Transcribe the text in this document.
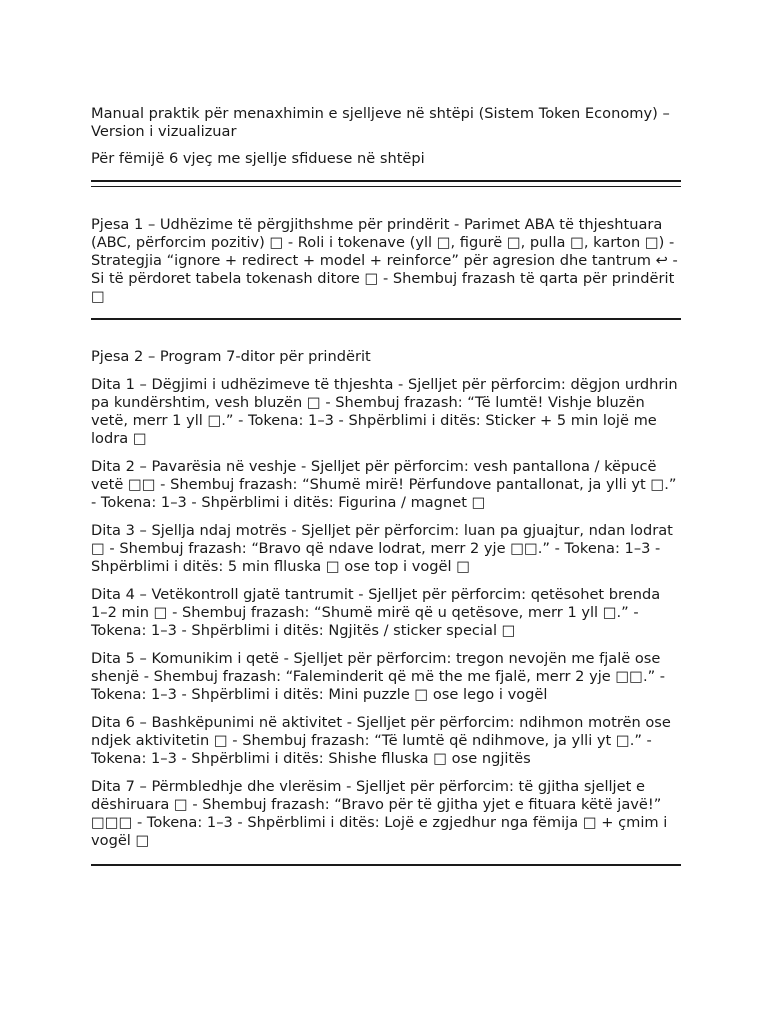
Manual praktik për menaxhimin e sjelljeve në shtëpi (Sistem Token Economy) – Version i vizualizuar

Për fëmijë 6 vjeç me sjellje sfiduese në shtëpi

Pjesa 1 – Udhëzime të përgjithshme për prindërit - Parimet ABA të thjeshtuara (ABC, përforcim pozitiv) □ - Roli i tokenave (yll □, figurë □, pulla □, karton □) - Strategjia “ignore + redirect + model + reinforce” për agresion dhe tantrum ↩ - Si të përdoret tabela tokenash ditore □ - Shembuj frazash të qarta për prindërit □

Pjesa 2 – Program 7-ditor për prindërit

Dita 1 – Dëgjimi i udhëzimeve të thjeshta - Sjelljet për përforcim: dëgjon urdhrin pa kundërshtim, vesh bluzën □ - Shembuj frazash: “Të lumtë! Vishje bluzën vetë, merr 1 yll □.” - Tokena: 1–3 - Shpërblimi i ditës: Sticker + 5 min lojë me lodra □

Dita 2 – Pavarësia në veshje - Sjelljet për përforcim: vesh pantallona / këpucë vetë □□ - Shembuj frazash: “Shumë mirë! Përfundove pantallonat, ja ylli yt □.” - Tokena: 1–3 - Shpërblimi i ditës: Figurina / magnet □

Dita 3 – Sjellja ndaj motrës - Sjelljet për përforcim: luan pa gjuajtur, ndan lodrat □ - Shembuj frazash: “Bravo që ndave lodrat, merr 2 yje □□.” - Tokena: 1–3 - Shpërblimi i ditës: 5 min flluska □ ose top i vogël □

Dita 4 – Vetëkontroll gjatë tantrumit - Sjelljet për përforcim: qetësohet brenda 1–2 min □ - Shembuj frazash: “Shumë mirë që u qetësove, merr 1 yll □.” - Tokena: 1–3 - Shpërblimi i ditës: Ngjitës / sticker special □

Dita 5 – Komunikim i qetë - Sjelljet për përforcim: tregon nevojën me fjalë ose shenjë - Shembuj frazash: “Faleminderit që më the me fjalë, merr 2 yje □□.” - Tokena: 1–3 - Shpërblimi i ditës: Mini puzzle □ ose lego i vogël

Dita 6 – Bashkëpunimi në aktivitet - Sjelljet për përforcim: ndihmon motrën ose ndjek aktivitetin □ - Shembuj frazash: “Të lumtë që ndihmove, ja ylli yt □.” - Tokena: 1–3 - Shpërblimi i ditës: Shishe flluska □ ose ngjitës

Dita 7 – Përmbledhje dhe vlerësim - Sjelljet për përforcim: të gjitha sjelljet e dëshiruara □ - Shembuj frazash: “Bravo për të gjitha yjet e fituara këtë javë!” □□□ - Tokena: 1–3 - Shpërblimi i ditës: Lojë e zgjedhur nga fëmija □ + çmim i vogël □
